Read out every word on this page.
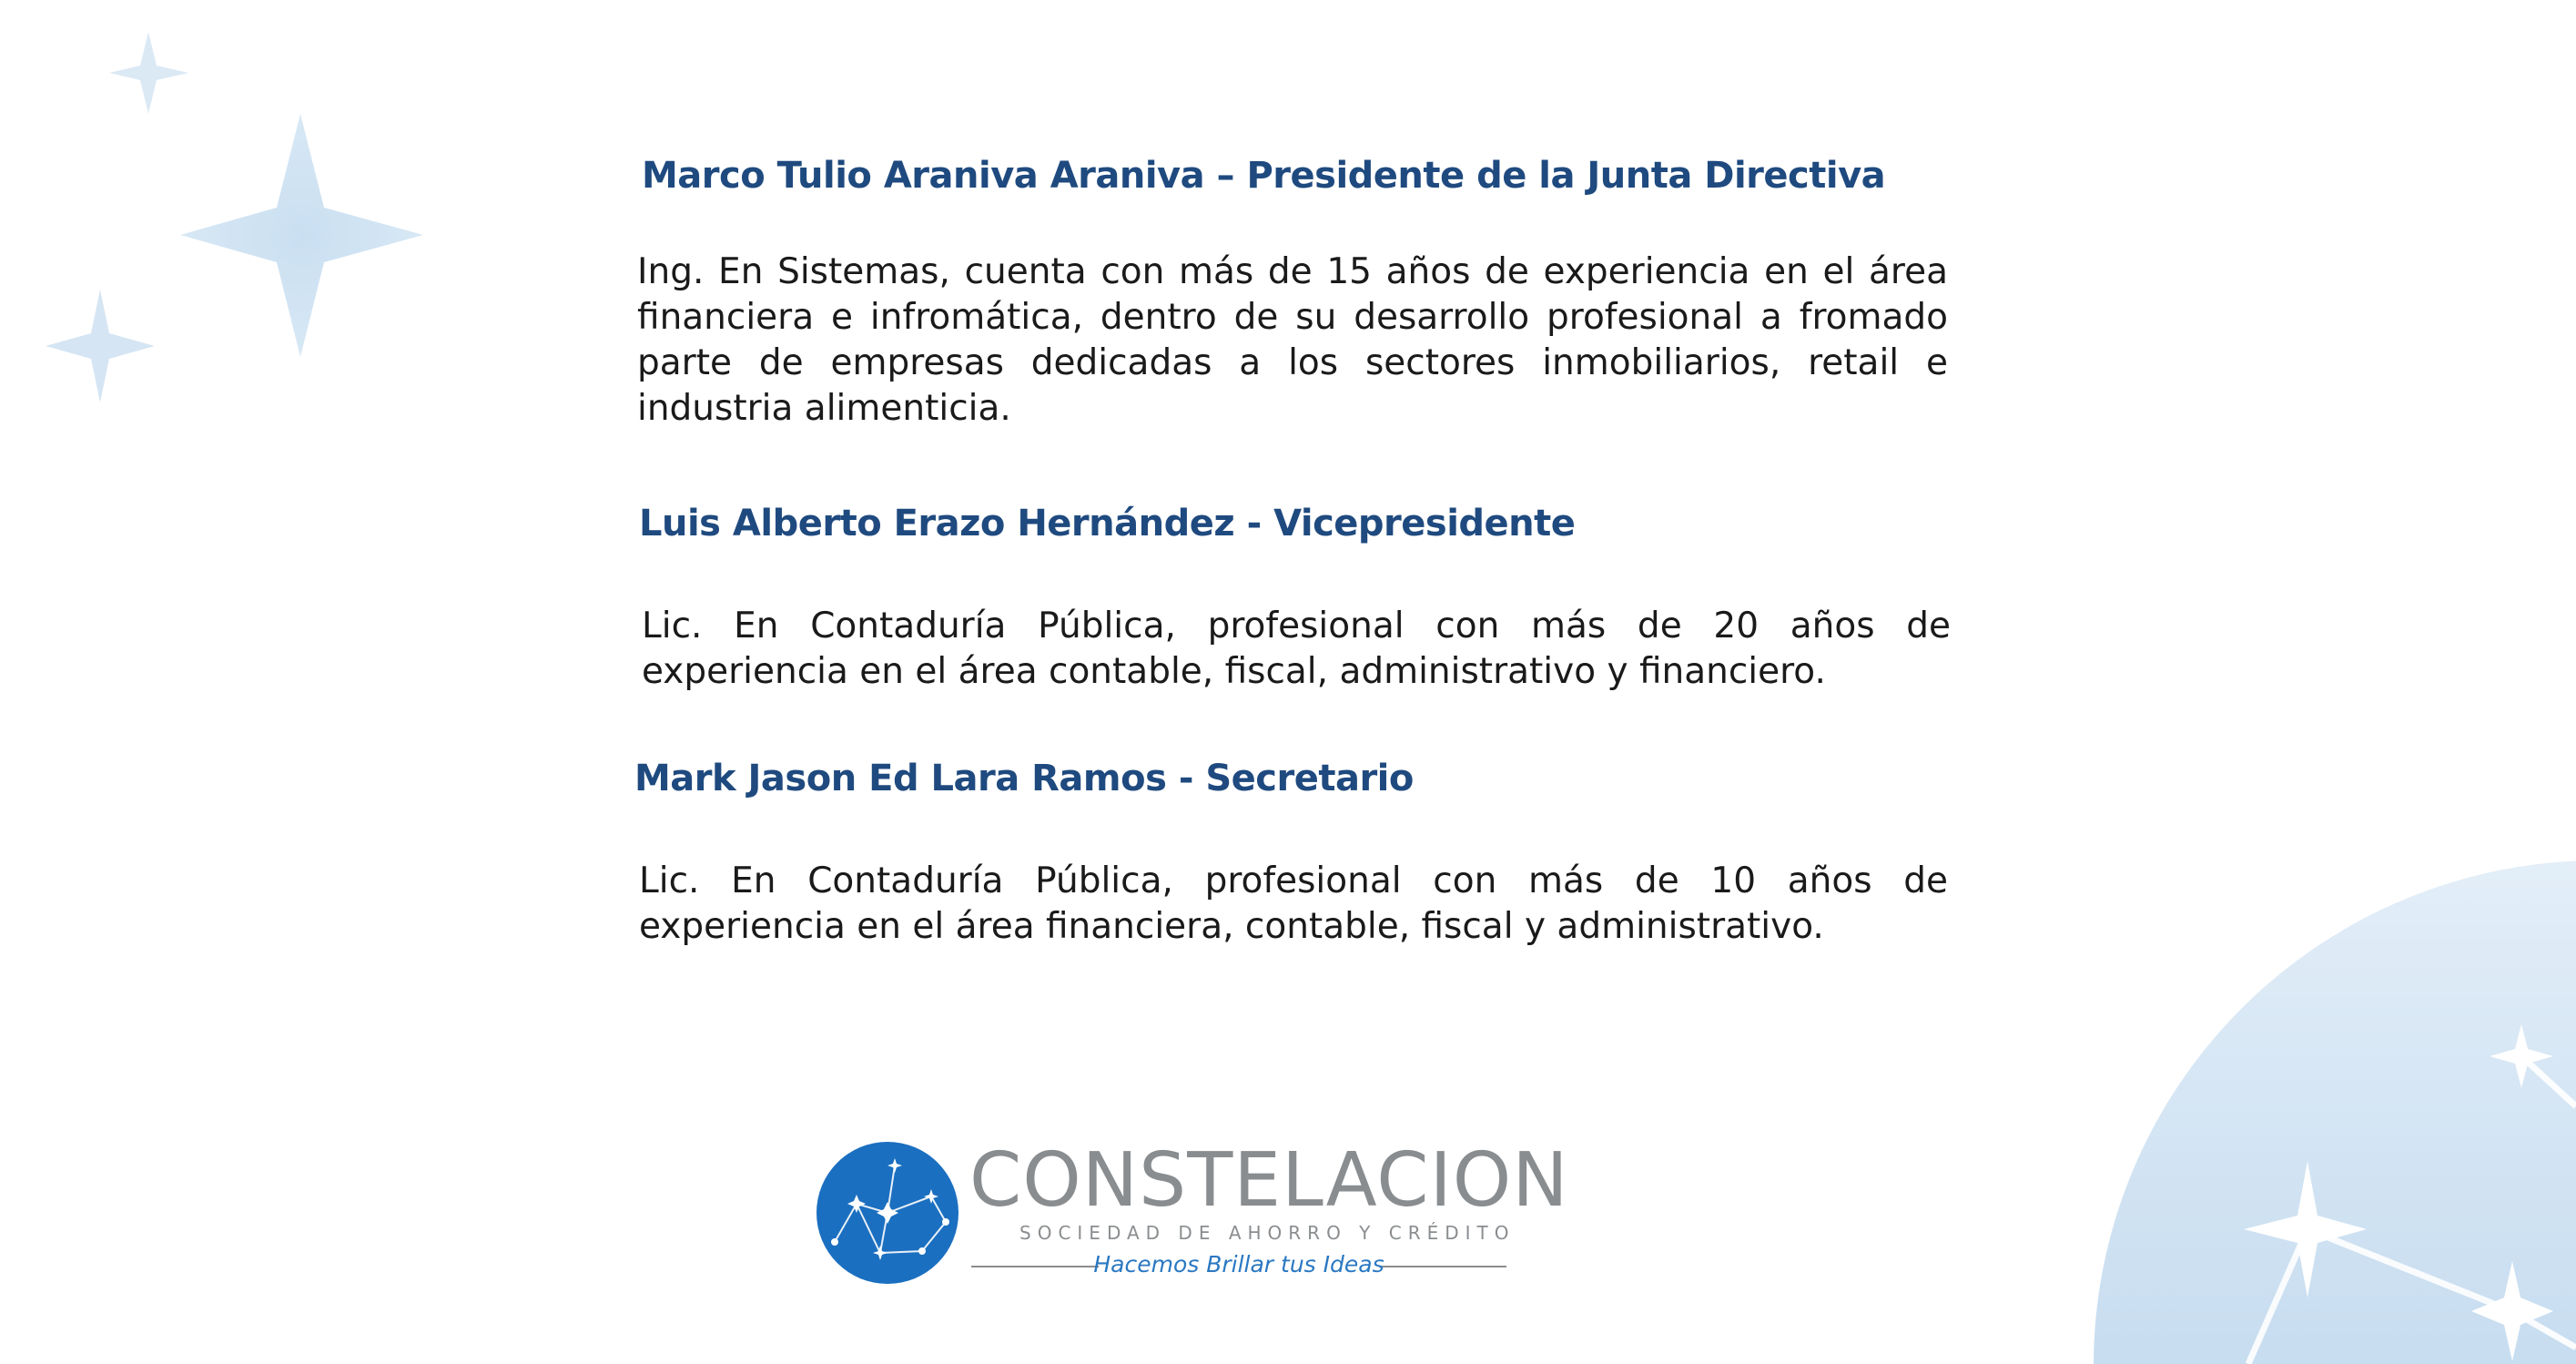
Marco Tulio Araniva Araniva – Presidente de la Junta Directiva

Ing. En Sistemas, cuenta con más de 15 años de experiencia en el área financiera e infromática, dentro de su desarrollo profesional a fromado parte de empresas dedicadas a los sectores inmobiliarios, retail e industria alimenticia.

Luis Alberto Erazo Hernández - Vicepresidente

Lic. En Contaduría Pública, profesional con más de 20 años de experiencia en el área contable, fiscal, administrativo y financiero.

Mark Jason Ed Lara Ramos - Secretario

Lic. En Contaduría Pública, profesional con más de 10 años de experiencia en el área financiera, contable, fiscal y administrativo.

CONSTELACION
SOCIEDAD DE AHORRO Y CRÉDITO
Hacemos Brillar tus Ideas
